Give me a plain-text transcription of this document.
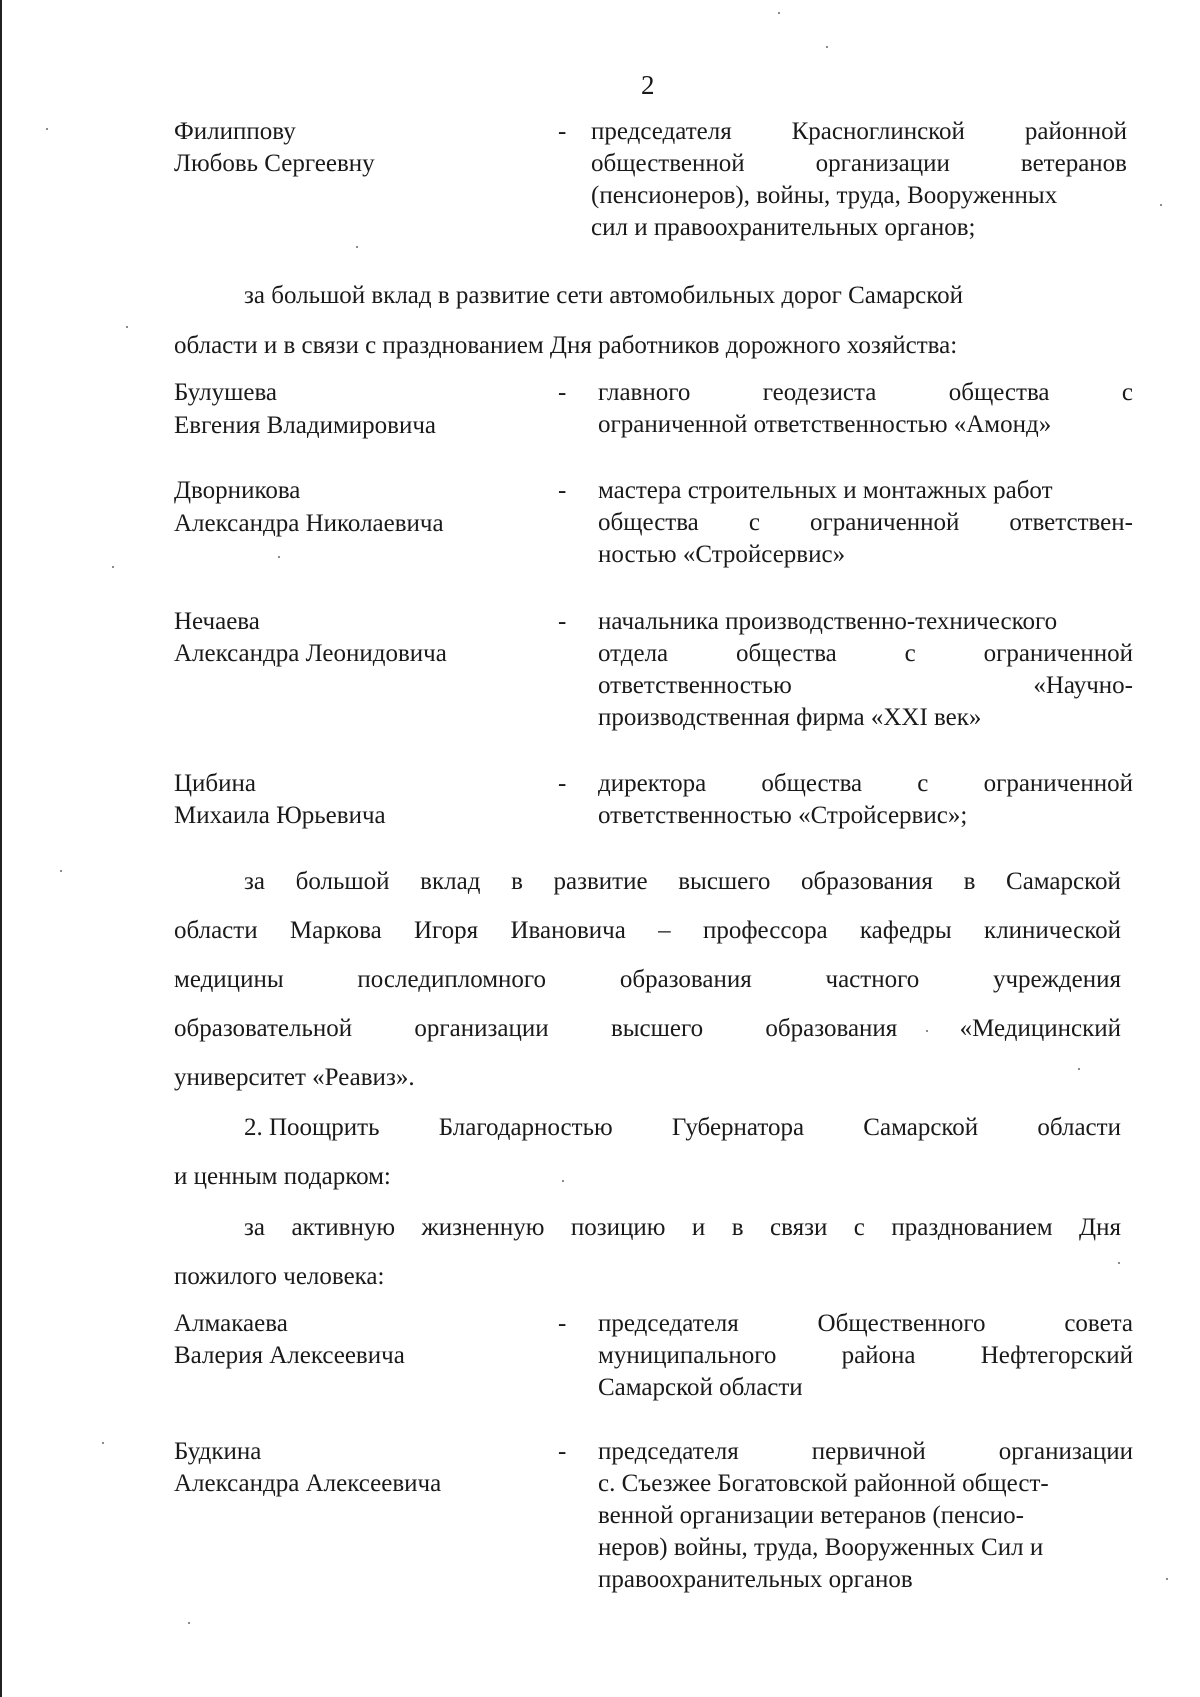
2
Филиппову
Любовь Сергеевну
- председателя Красноглинской районной
общественной	организации	ветеранов
(пенсионеров), войны, труда, Вооруженных
сил и правоохранительных органов;
за большой вклад в развитие сети автомобильных дорог Самарской
области и в связи с празднованием Дня работников дорожного хозяйства:
Булушева
Евгения Владимировича
- главного	геодезиста	общества	с
ограниченной ответственностью «Амонд»
Дворникова
Александра Николаевича
- мастера строительных и монтажных работ
общества с ограниченной ответствен-
ностью «Стройсервис»
Нечаева
Александра Леонидовича
- начальника производственно-технического
отдела	общества	с	ограниченной
ответственностью	«Научно-
производственная фирма «XXI век»
Цибина
Михаила Юрьевича
- директора общества с ограниченной
ответственностью «Стройсервис»;
за большой вклад в развитие высшего образования в Самарской
области Маркова Игоря Ивановича – профессора кафедры клинической
медицины	последипломного	образования	частного	учреждения
образовательной организации высшего образования «Медицинский
университет «Реавиз».
2. Поощрить Благодарностью Губернатора Самарской области
и ценным подарком:
за активную жизненную позицию и в связи с празднованием Дня
пожилого человека:
Алмакаева
Валерия Алексеевича
- председателя	Общественного	совета
муниципального	района	Нефтегорский
Самарской области
Будкина
Александра Алексеевича
- председателя	первичной	организации
с. Съезжее Богатовской районной общест-
венной организации ветеранов (пенсио-
неров) войны, труда, Вооруженных Сил и
правоохранительных органов
